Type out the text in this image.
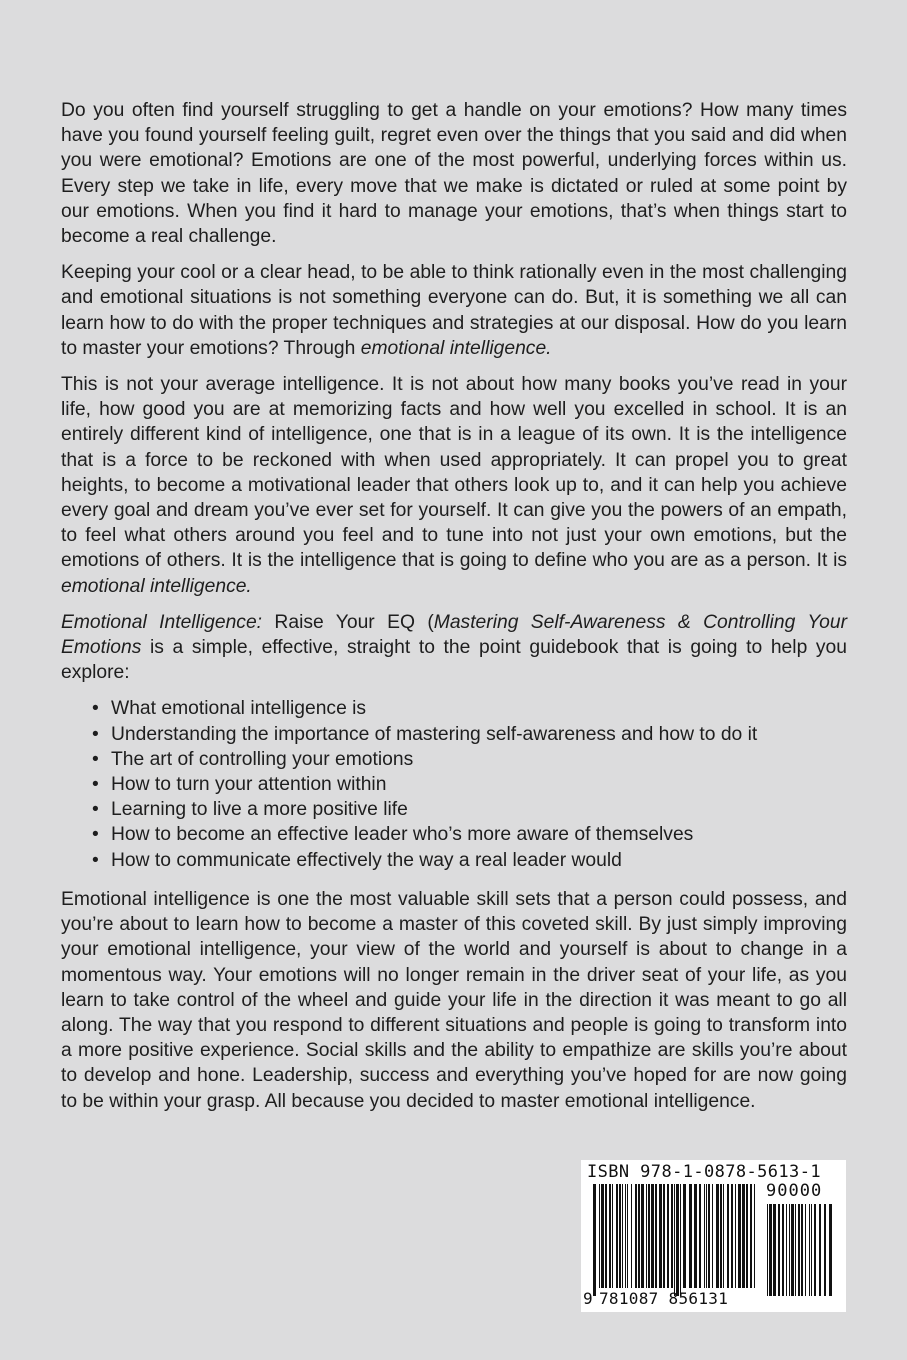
Do you often find yourself struggling to get a handle on your emotions? How many times have you found yourself feeling guilt, regret even over the things that you said and did when you were emotional? Emotions are one of the most powerful, underlying forces within us. Every step we take in life, every move that we make is dictated or ruled at some point by our emotions. When you find it hard to manage your emotions, that’s when things start to become a real challenge.

Keeping your cool or a clear head, to be able to think rationally even in the most challenging and emotional situations is not something everyone can do. But, it is something we all can learn how to do with the proper techniques and strategies at our disposal. How do you learn to master your emotions? Through emotional intelligence.

This is not your average intelligence. It is not about how many books you’ve read in your life, how good you are at memorizing facts and how well you excelled in school. It is an entirely different kind of intelligence, one that is in a league of its own. It is the intelligence that is a force to be reckoned with when used appropriately. It can propel you to great heights, to become a motivational leader that others look up to, and it can help you achieve every goal and dream you’ve ever set for yourself. It can give you the powers of an empath, to feel what others around you feel and to tune into not just your own emotions, but the emotions of others. It is the intelligence that is going to define who you are as a person. It is emotional intelligence.

Emotional Intelligence: Raise Your EQ (Mastering Self-Awareness & Controlling Your Emotions is a simple, effective, straight to the point guidebook that is going to help you explore:

• What emotional intelligence is
• Understanding the importance of mastering self-awareness and how to do it
• The art of controlling your emotions
• How to turn your attention within
• Learning to live a more positive life
• How to become an effective leader who’s more aware of themselves
• How to communicate effectively the way a real leader would

Emotional intelligence is one the most valuable skill sets that a person could possess, and you’re about to learn how to become a master of this coveted skill. By just simply improving your emotional intelligence, your view of the world and yourself is about to change in a momentous way. Your emotions will no longer remain in the driver seat of your life, as you learn to take control of the wheel and guide your life in the direction it was meant to go all along. The way that you respond to different situations and people is going to transform into a more positive experience. Social skills and the ability to empathize are skills you’re about to develop and hone. Leadership, success and everything you’ve hoped for are now going to be within your grasp. All because you decided to master emotional intelligence.

ISBN 978-1-0878-5613-1
90000
9 781087 856131
